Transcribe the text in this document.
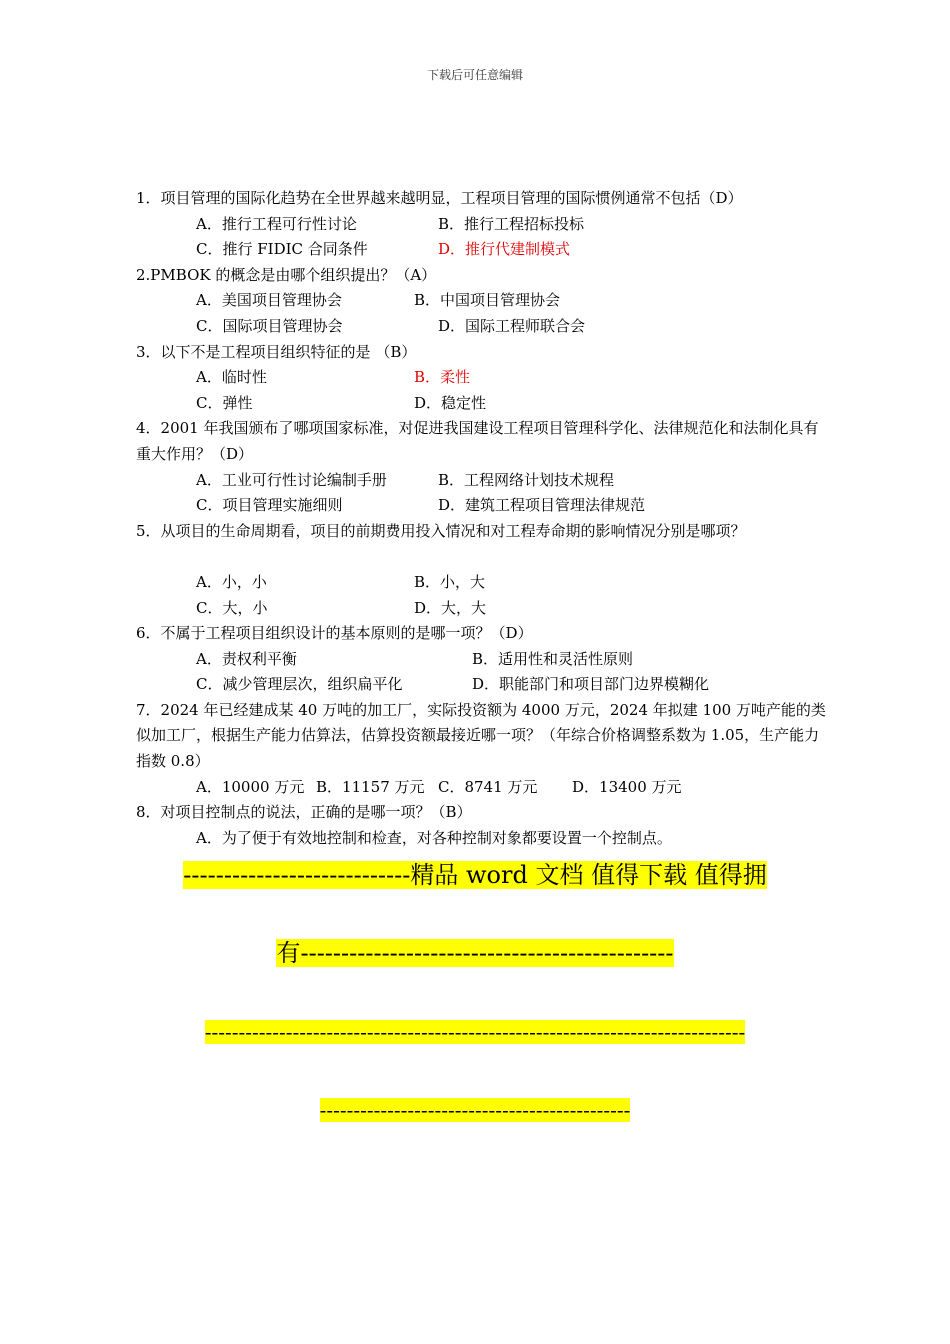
下载后可任意编辑

1．项目管理的国际化趋势在全世界越来越明显，工程项目管理的国际惯例通常不包括（D）

A．推行工程可行性讨论	B．推行工程招标投标
C．推行 FIDIC 合同条件	D．推行代建制模式

2.PMBOK 的概念是由哪个组织提出？（A）

A．美国项目管理协会	B．中国项目管理协会
C．国际项目管理协会	D．国际工程师联合会

3．以下不是工程项目组织特征的是 （B）

A．临时性	B．柔性
C．弹性	D．稳定性

4．2001 年我国颁布了哪项国家标准，对促进我国建设工程项目管理科学化、法律规范化和法制化具有重大作用？（D）

A．工业可行性讨论编制手册	B．工程网络计划技术规程
C．项目管理实施细则	D．建筑工程项目管理法律规范

5．从项目的生命周期看，项目的前期费用投入情况和对工程寿命期的影响情况分别是哪项？

A．小，小	B．小，大
C．大，小	D．大，大

6．不属于工程项目组织设计的基本原则的是哪一项？（D）

A．责权利平衡	B．适用性和灵活性原则
C．减少管理层次，组织扁平化	D．职能部门和项目部门边界模糊化

7．2024 年已经建成某 40 万吨的加工厂，实际投资额为 4000 万元，2024 年拟建 100 万吨产能的类似加工厂，根据生产能力估算法，估算投资额最接近哪一项？（年综合价格调整系数为 1.05，生产能力指数 0.8）

A．10000 万元 B．11157 万元 C．8741 万元 D．13400 万元

8．对项目控制点的说法，正确的是哪一项？（B）

A．为了便于有效地控制和检查，对各种控制对象都要设置一个控制点。
----------------------------精品 word 文档 值得下载 值得拥
有----------------------------------------------
--------------------------------------------------------------------------------
----------------------------------------------
